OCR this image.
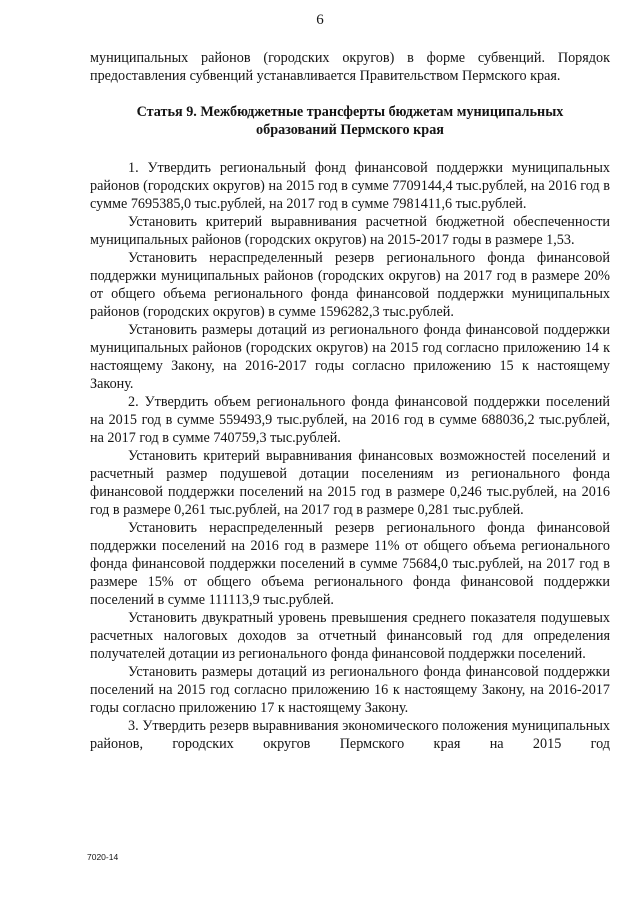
6

муниципальных районов (городских округов) в форме субвенций. Порядок предоставления субвенций устанавливается Правительством Пермского края.

Статья 9. Межбюджетные трансферты бюджетам муниципальных
образований Пермского края

1. Утвердить региональный фонд финансовой поддержки муниципальных районов (городских округов) на 2015 год в сумме 7709144,4 тыс.рублей, на 2016 год в сумме 7695385,0 тыс.рублей, на 2017 год в сумме 7981411,6 тыс.рублей.

Установить критерий выравнивания расчетной бюджетной обеспеченности муниципальных районов (городских округов) на 2015-2017 годы в размере 1,53.

Установить нераспределенный резерв регионального фонда финансовой поддержки муниципальных районов (городских округов) на 2017 год в размере 20% от общего объема регионального фонда финансовой поддержки муниципальных районов (городских округов) в сумме 1596282,3 тыс.рублей.

Установить размеры дотаций из регионального фонда финансовой поддержки муниципальных районов (городских округов) на 2015 год согласно приложению 14 к настоящему Закону, на 2016-2017 годы согласно приложению 15 к настоящему Закону.

2. Утвердить объем регионального фонда финансовой поддержки поселений на 2015 год в сумме 559493,9 тыс.рублей, на 2016 год в сумме 688036,2 тыс.рублей, на 2017 год в сумме 740759,3 тыс.рублей.

Установить критерий выравнивания финансовых возможностей поселений и расчетный размер подушевой дотации поселениям из регионального фонда финансовой поддержки поселений на 2015 год в размере 0,246 тыс.рублей, на 2016 год в размере 0,261 тыс.рублей, на 2017 год в размере 0,281 тыс.рублей.

Установить нераспределенный резерв регионального фонда финансовой поддержки поселений на 2016 год в размере 11% от общего объема регионального фонда финансовой поддержки поселений в сумме 75684,0 тыс.рублей, на 2017 год в размере 15% от общего объема регионального фонда финансовой поддержки поселений в сумме 111113,9 тыс.рублей.

Установить двукратный уровень превышения среднего показателя подушевых расчетных налоговых доходов за отчетный финансовый год для определения получателей дотации из регионального фонда финансовой поддержки поселений.

Установить размеры дотаций из регионального фонда финансовой поддержки поселений на 2015 год согласно приложению 16 к настоящему Закону, на 2016-2017 годы согласно приложению 17 к настоящему Закону.

3. Утвердить резерв выравнивания экономического положения муниципальных районов, городских округов Пермского края на 2015 год

7020-14
